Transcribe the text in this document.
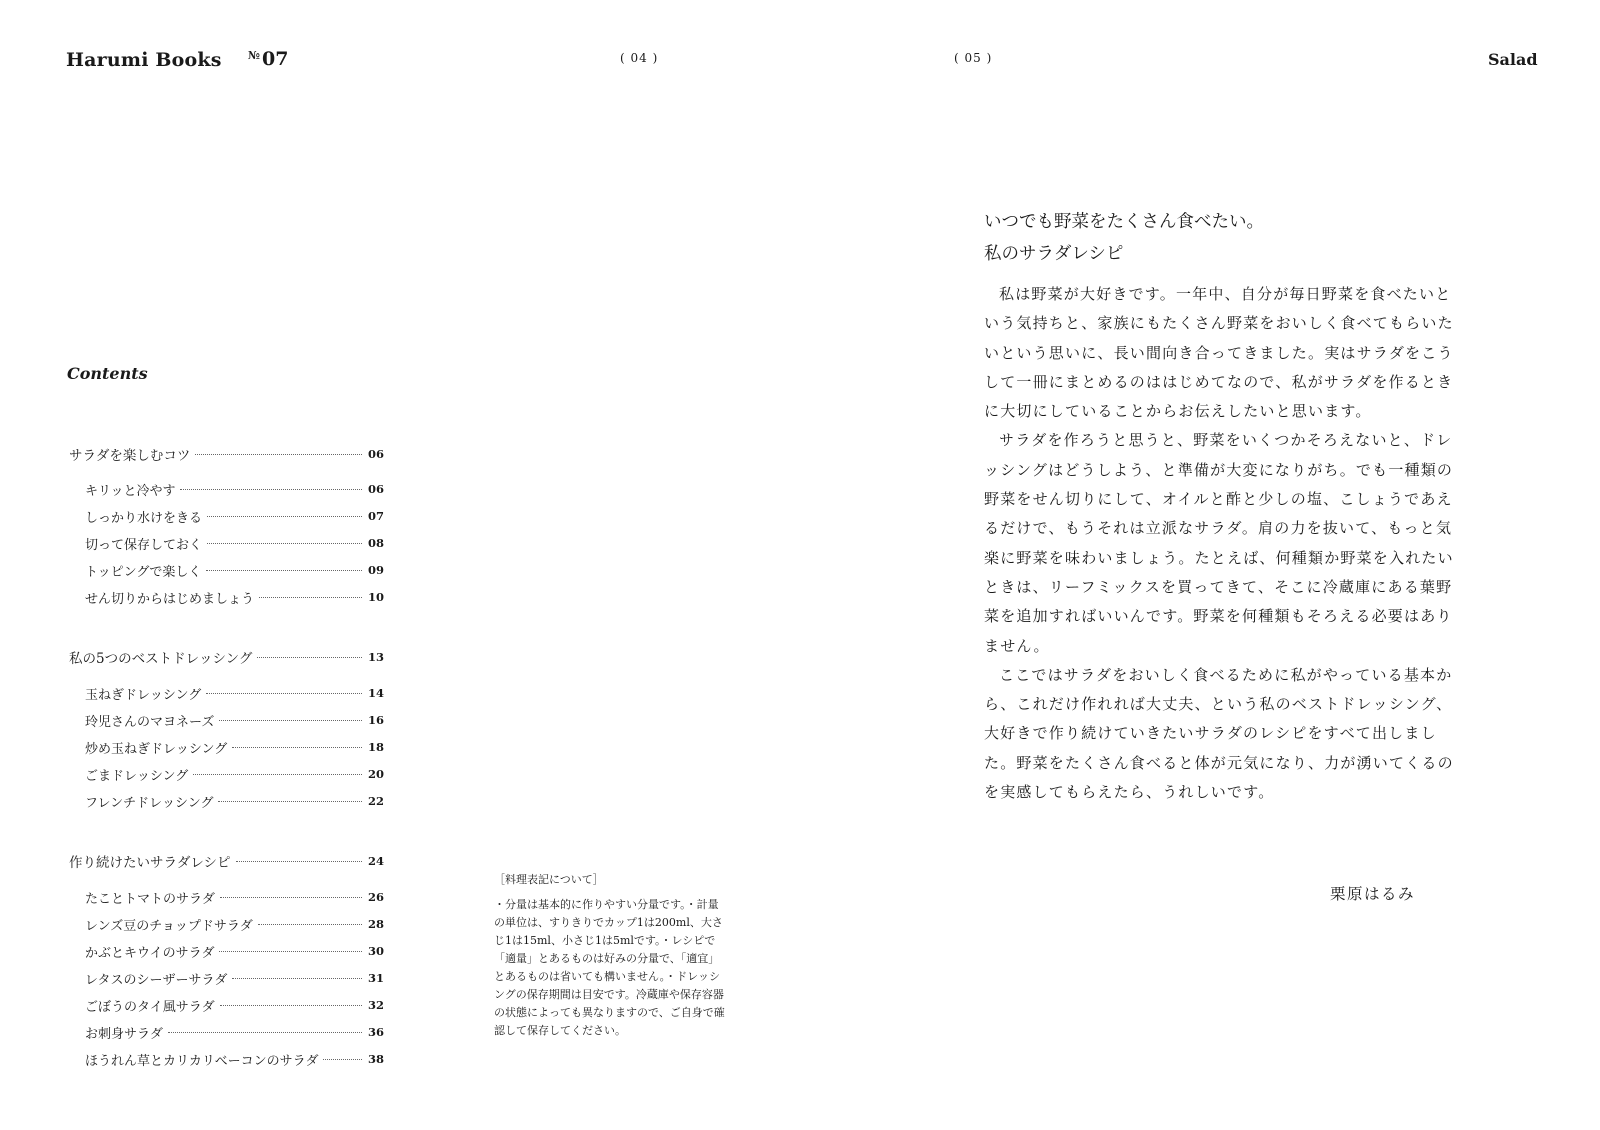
Harumi Books № 07	( 04 )	( 05 )	Salad
Contents
サラダを楽しむコツ	06
キリッと冷やす	06
しっかり水けをきる	07
切って保存しておく	08
トッピングで楽しく	09
せん切りからはじめましょう	10
私の5つのベストドレッシング	13
玉ねぎドレッシング	14
玲児さんのマヨネーズ	16
炒め玉ねぎドレッシング	18
ごまドレッシング	20
フレンチドレッシング	22
作り続けたいサラダレシピ	24
たことトマトのサラダ	26
レンズ豆のチョップドサラダ	28
かぶとキウイのサラダ	30
レタスのシーザーサラダ	31
ごぼうのタイ風サラダ	32
お刺身サラダ	36
ほうれん草とカリカリベーコンのサラダ	38
［料理表記について］

・分量は基本的に作りやすい分量です。・計量の単位は、すりきりでカップ1は200ml、大さじ1は15ml、小さじ1は5mlです。・レシピで「適量」とあるものは好みの分量で、「適宜」とあるものは省いても構いません。・ドレッシングの保存期間は目安です。冷蔵庫や保存容器の状態によっても異なりますので、ご自身で確認して保存してください。

いつでも野菜をたくさん食べたい。
私のサラダレシピ

私は野菜が大好きです。一年中、自分が毎日野菜を食べたいという気持ちと、家族にもたくさん野菜をおいしく食べてもらいたいという思いに、長い間向き合ってきました。実はサラダをこうして一冊にまとめるのははじめてなので、私がサラダを作るときに大切にしていることからお伝えしたいと思います。

サラダを作ろうと思うと、野菜をいくつかそろえないと、ドレッシングはどうしよう、と準備が大変になりがち。でも一種類の野菜をせん切りにして、オイルと酢と少しの塩、こしょうであえるだけで、もうそれは立派なサラダ。肩の力を抜いて、もっと気楽に野菜を味わいましょう。たとえば、何種類か野菜を入れたいときは、リーフミックスを買ってきて、そこに冷蔵庫にある葉野菜を追加すればいいんです。野菜を何種類もそろえる必要はありません。

ここではサラダをおいしく食べるために私がやっている基本から、これだけ作れれば大丈夫、という私のベストドレッシング、大好きで作り続けていきたいサラダのレシピをすべて出しました。野菜をたくさん食べると体が元気になり、力が湧いてくるのを実感してもらえたら、うれしいです。

栗原はるみ
